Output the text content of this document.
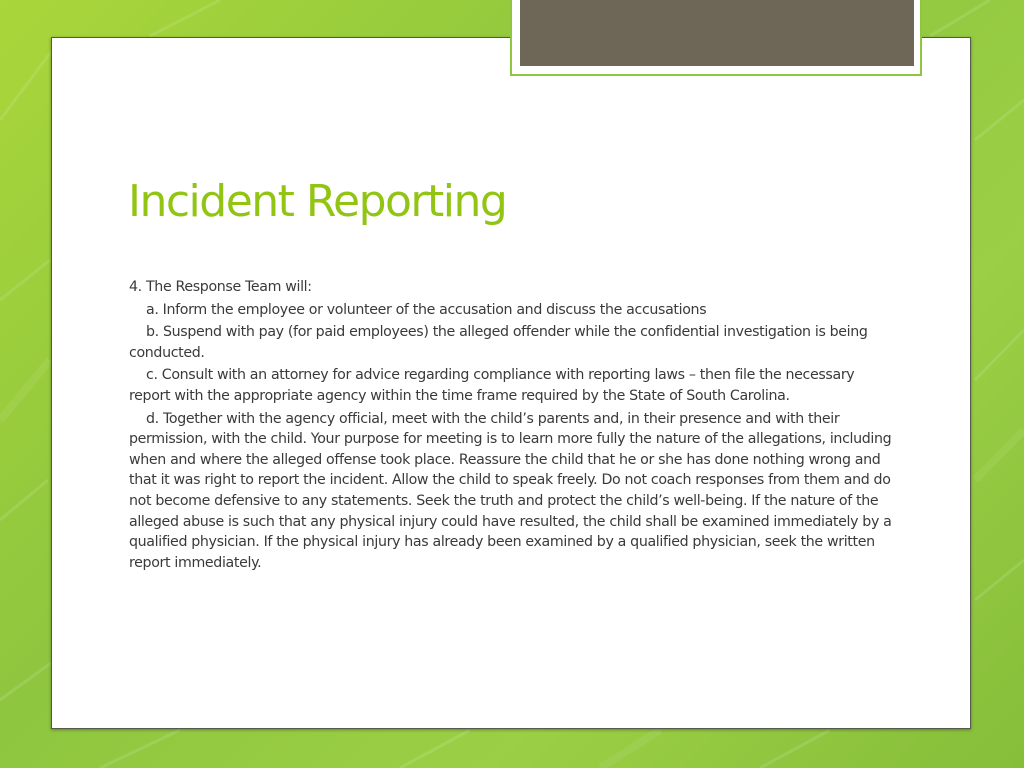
Incident Reporting

4. The Response Team will:

a. Inform the employee or volunteer of the accusation and discuss the accusations

b. Suspend with pay (for paid employees) the alleged offender while the confidential investigation is being conducted.

c. Consult with an attorney for advice regarding compliance with reporting laws – then file the necessary report with the appropriate agency within the time frame required by the State of South Carolina.

d. Together with the agency official, meet with the child’s parents and, in their presence and with their permission, with the child. Your purpose for meeting is to learn more fully the nature of the allegations, including when and where the alleged offense took place. Reassure the child that he or she has done nothing wrong and that it was right to report the incident. Allow the child to speak freely. Do not coach responses from them and do not become defensive to any statements. Seek the truth and protect the child’s well-being. If the nature of the alleged abuse is such that any physical injury could have resulted, the child shall be examined immediately by a qualified physician. If the physical injury has already been examined by a qualified physician, seek the written report immediately.
